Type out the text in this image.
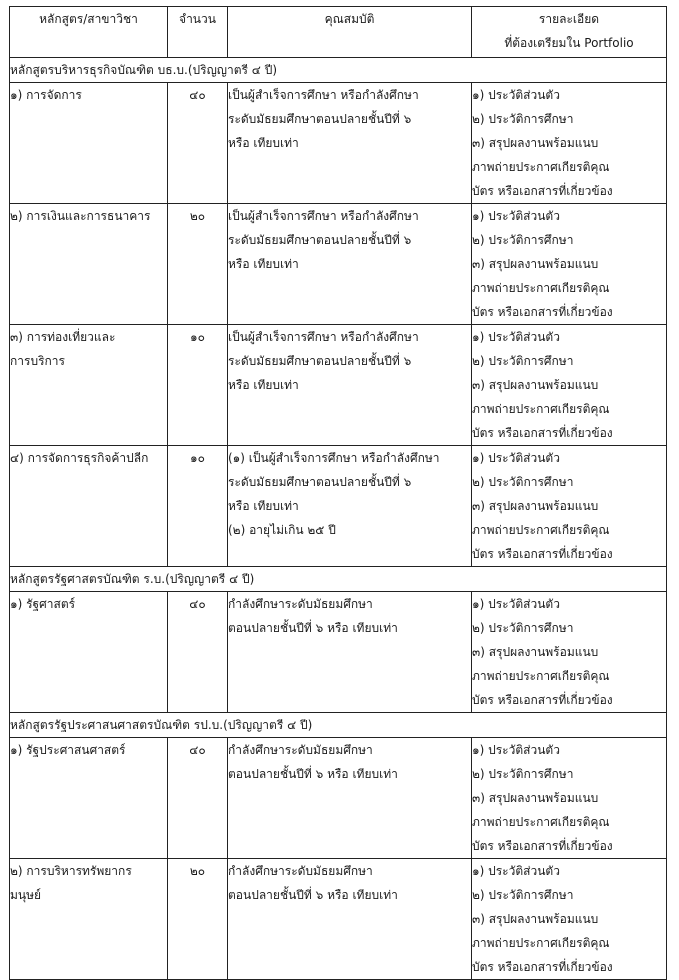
หลักสูตร/สาขาวิชา	จำนวน	คุณสมบัติ	รายละเอียด
ที่ต้องเตรียมใน Portfolio

หลักสูตรบริหารธุรกิจบัณฑิต บธ.บ.(ปริญญาตรี ๔ ปี)			

๑) การจัดการ	๔๐	เป็นผู้สำเร็จการศึกษา หรือกำลังศึกษา
ระดับมัธยมศึกษาตอนปลายชั้นปีที่ ๖
หรือ เทียบเท่า	๑) ประวัติส่วนตัว
๒) ประวัติการศึกษา
๓) สรุปผลงานพร้อมแนบ
ภาพถ่ายประกาศเกียรติคุณ
บัตร หรือเอกสารที่เกี่ยวข้อง

๒) การเงินและการธนาคาร	๒๐	เป็นผู้สำเร็จการศึกษา หรือกำลังศึกษา
ระดับมัธยมศึกษาตอนปลายชั้นปีที่ ๖
หรือ เทียบเท่า	๑) ประวัติส่วนตัว
๒) ประวัติการศึกษา
๓) สรุปผลงานพร้อมแนบ
ภาพถ่ายประกาศเกียรติคุณ
บัตร หรือเอกสารที่เกี่ยวข้อง

๓) การท่องเที่ยวและ
การบริการ	๑๐	เป็นผู้สำเร็จการศึกษา หรือกำลังศึกษา
ระดับมัธยมศึกษาตอนปลายชั้นปีที่ ๖
หรือ เทียบเท่า	๑) ประวัติส่วนตัว
๒) ประวัติการศึกษา
๓) สรุปผลงานพร้อมแนบ
ภาพถ่ายประกาศเกียรติคุณ
บัตร หรือเอกสารที่เกี่ยวข้อง

๔) การจัดการธุรกิจค้าปลีก	๑๐	(๑) เป็นผู้สำเร็จการศึกษา หรือกำลังศึกษา
ระดับมัธยมศึกษาตอนปลายชั้นปีที่ ๖
หรือ เทียบเท่า
(๒) อายุไม่เกิน ๒๕ ปี	๑) ประวัติส่วนตัว
๒) ประวัติการศึกษา
๓) สรุปผลงานพร้อมแนบ
ภาพถ่ายประกาศเกียรติคุณ
บัตร หรือเอกสารที่เกี่ยวข้อง

หลักสูตรรัฐศาสตรบัณฑิต ร.บ.(ปริญญาตรี ๔ ปี)			

๑) รัฐศาสตร์	๔๐	กำลังศึกษาระดับมัธยมศึกษา
ตอนปลายชั้นปีที่ ๖ หรือ เทียบเท่า	๑) ประวัติส่วนตัว
๒) ประวัติการศึกษา
๓) สรุปผลงานพร้อมแนบ
ภาพถ่ายประกาศเกียรติคุณ
บัตร หรือเอกสารที่เกี่ยวข้อง

หลักสูตรรัฐประศาสนศาสตรบัณฑิต รป.บ.(ปริญญาตรี ๔ ปี)			

๑) รัฐประศาสนศาสตร์	๔๐	กำลังศึกษาระดับมัธยมศึกษา
ตอนปลายชั้นปีที่ ๖ หรือ เทียบเท่า	๑) ประวัติส่วนตัว
๒) ประวัติการศึกษา
๓) สรุปผลงานพร้อมแนบ
ภาพถ่ายประกาศเกียรติคุณ
บัตร หรือเอกสารที่เกี่ยวข้อง

๒) การบริหารทรัพยากร
มนุษย์	๒๐	กำลังศึกษาระดับมัธยมศึกษา
ตอนปลายชั้นปีที่ ๖ หรือ เทียบเท่า	๑) ประวัติส่วนตัว
๒) ประวัติการศึกษา
๓) สรุปผลงานพร้อมแนบ
ภาพถ่ายประกาศเกียรติคุณ
บัตร หรือเอกสารที่เกี่ยวข้อง
